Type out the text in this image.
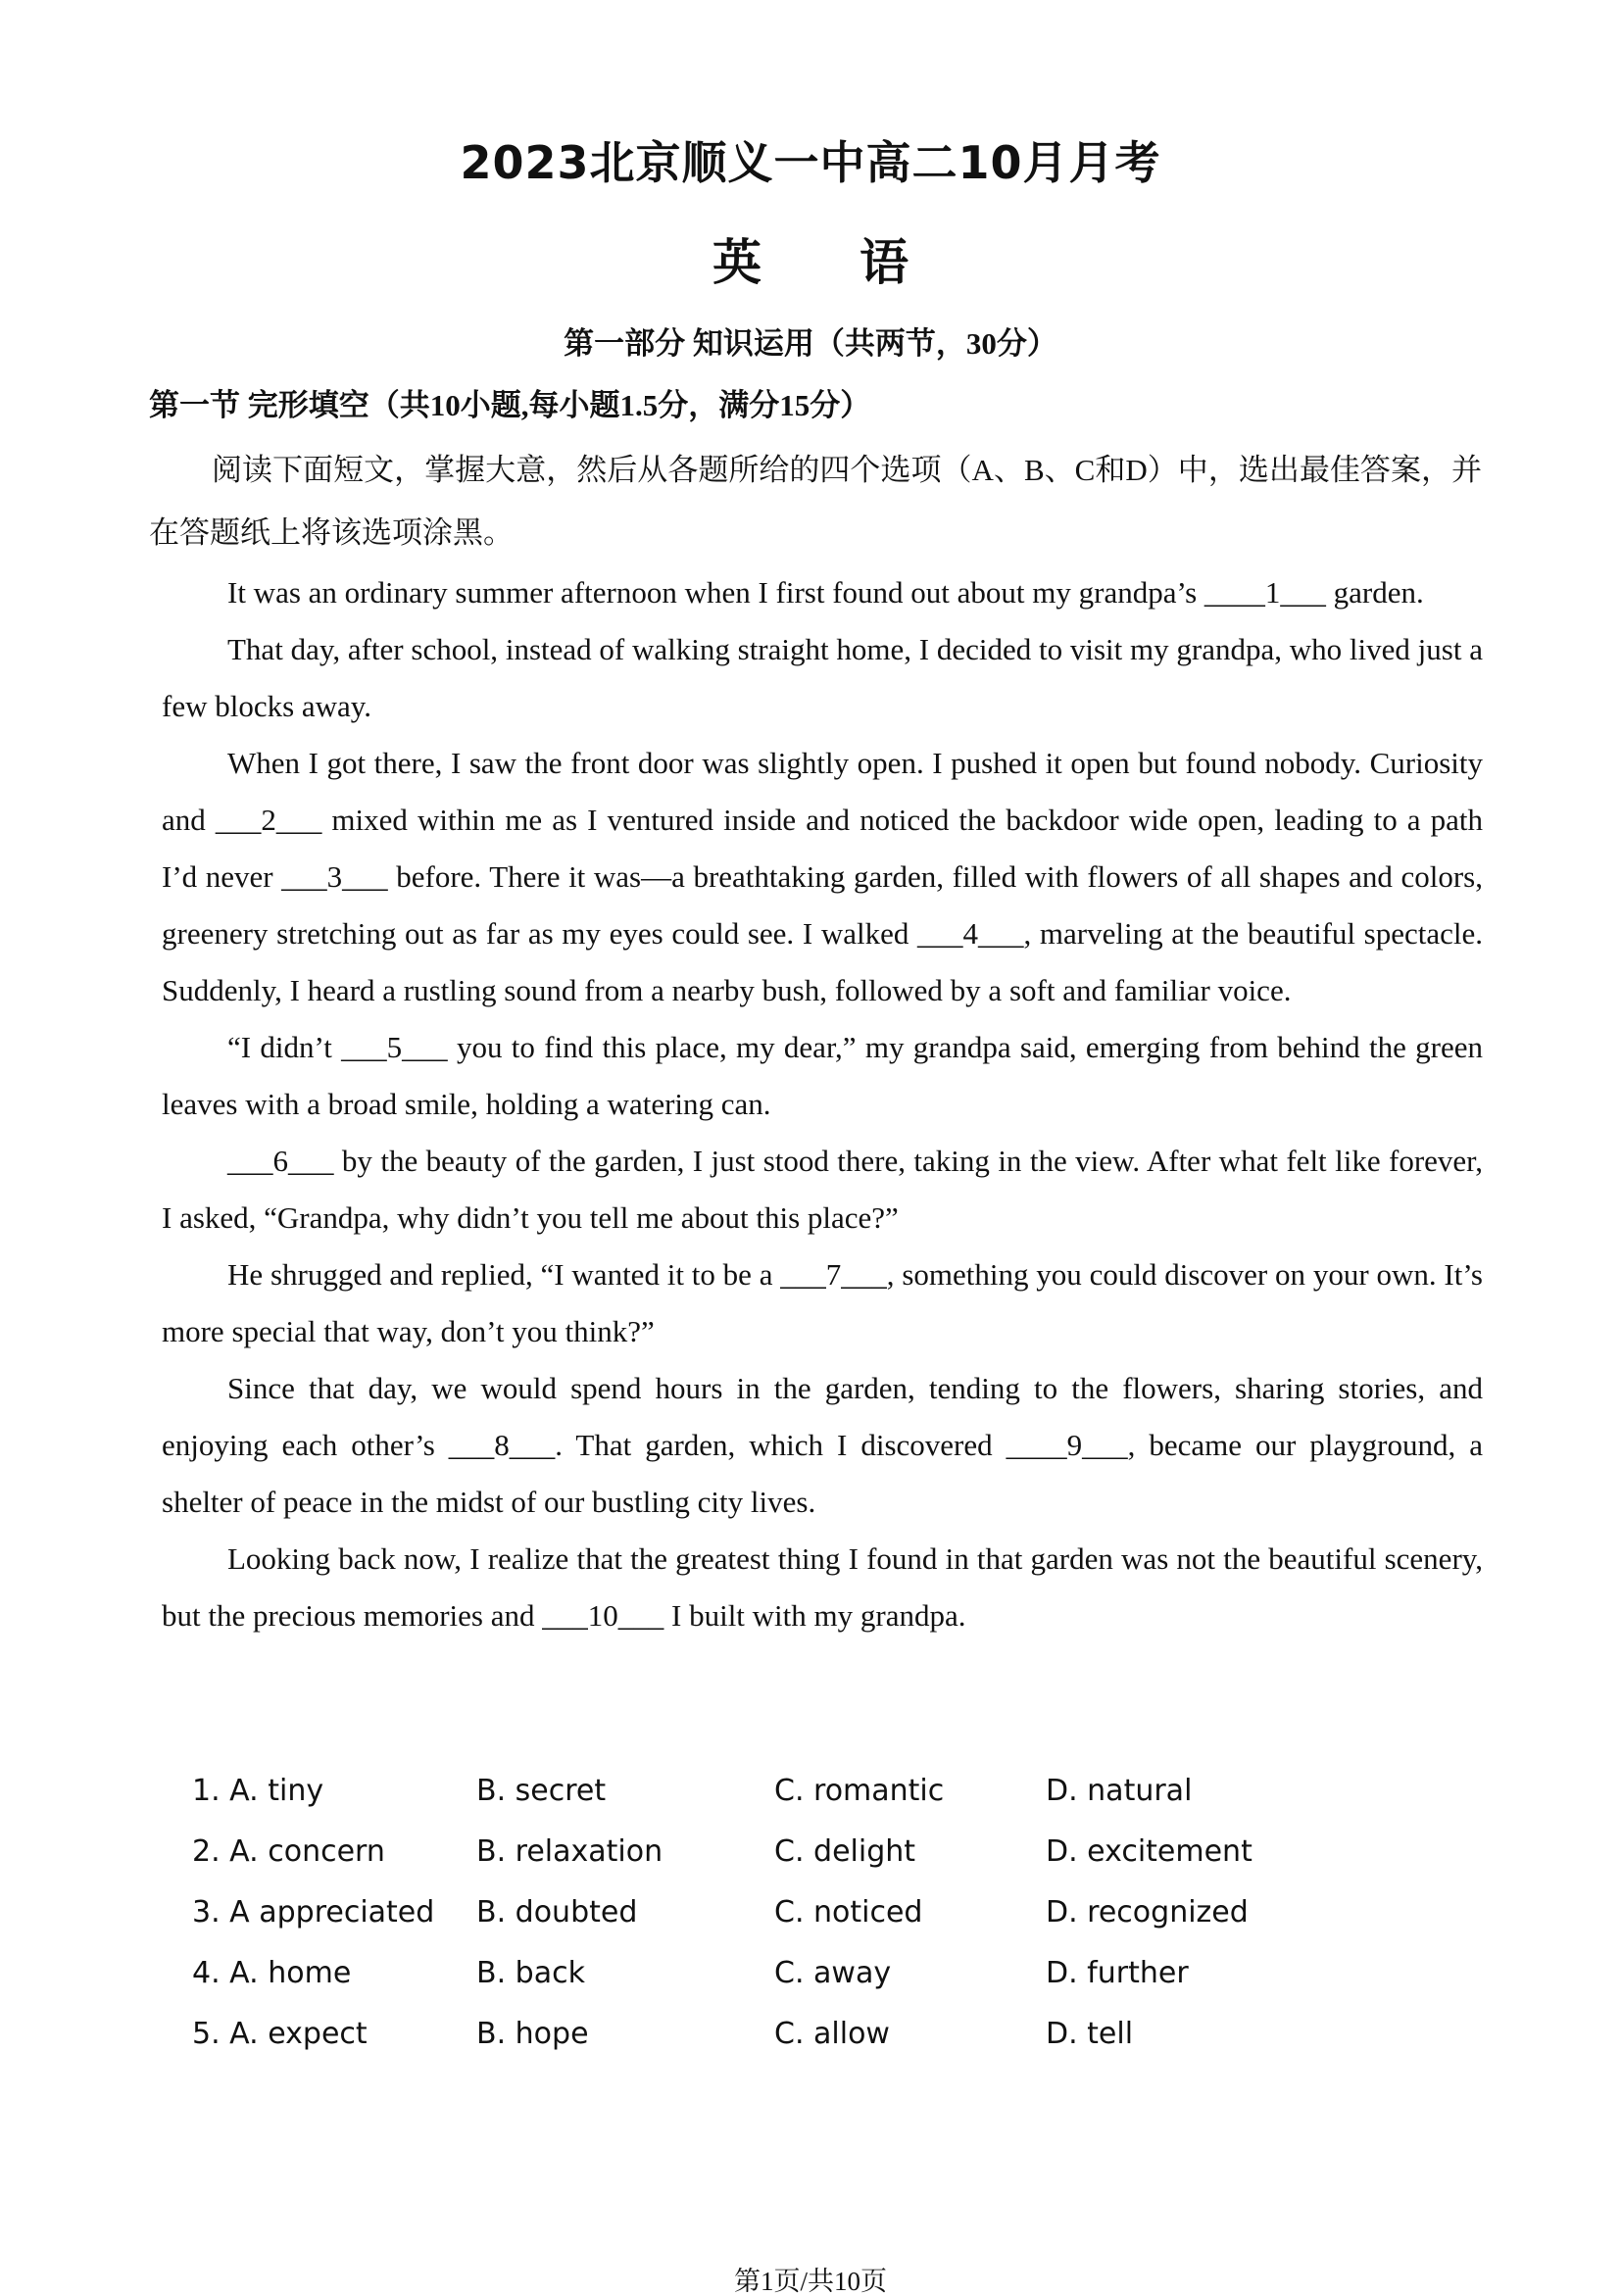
2023北京顺义一中高二10月月考
英语
第一部分 知识运用（共两节，30分）
第一节 完形填空（共10小题,每小题1.5分，满分15分）
阅读下面短文，掌握大意，然后从各题所给的四个选项（A、B、C和D）中，选出最佳答案，并在答题纸上将该选项涂黑。

It was an ordinary summer afternoon when I first found out about my grandpa’s ____1___ garden.

That day, after school, instead of walking straight home, I decided to visit my grandpa, who lived just a few blocks away.

When I got there, I saw the front door was slightly open. I pushed it open but found nobody. Curiosity and ___2___ mixed within me as I ventured inside and noticed the backdoor wide open, leading to a path I’d never ___3___ before. There it was—a breathtaking garden, filled with flowers of all shapes and colors, greenery stretching out as far as my eyes could see. I walked ___4___, marveling at the beautiful spectacle. Suddenly, I heard a rustling sound from a nearby bush, followed by a soft and familiar voice.

“I didn’t ___5___ you to find this place, my dear,” my grandpa said, emerging from behind the green leaves with a broad smile, holding a watering can.

___6___ by the beauty of the garden, I just stood there, taking in the view. After what felt like forever, I asked, “Grandpa, why didn’t you tell me about this place?”

He shrugged and replied, “I wanted it to be a ___7___, something you could discover on your own. It’s more special that way, don’t you think?”

Since that day, we would spend hours in the garden, tending to the flowers, sharing stories, and enjoying each other’s ___8___. That garden, which I discovered ____9___, became our playground, a shelter of peace in the midst of our bustling city lives.

Looking back now, I realize that the greatest thing I found in that garden was not the beautiful scenery, but the precious memories and ___10___ I built with my grandpa.

1. A. tiny	B. secret	C. romantic	D. natural
2. A. concern	B. relaxation	C. delight	D. excitement
3. A appreciated	B. doubted	C. noticed	D. recognized
4. A. home	B. back	C. away	D. further
5. A. expect	B. hope	C. allow	D. tell
第1页/共10页
